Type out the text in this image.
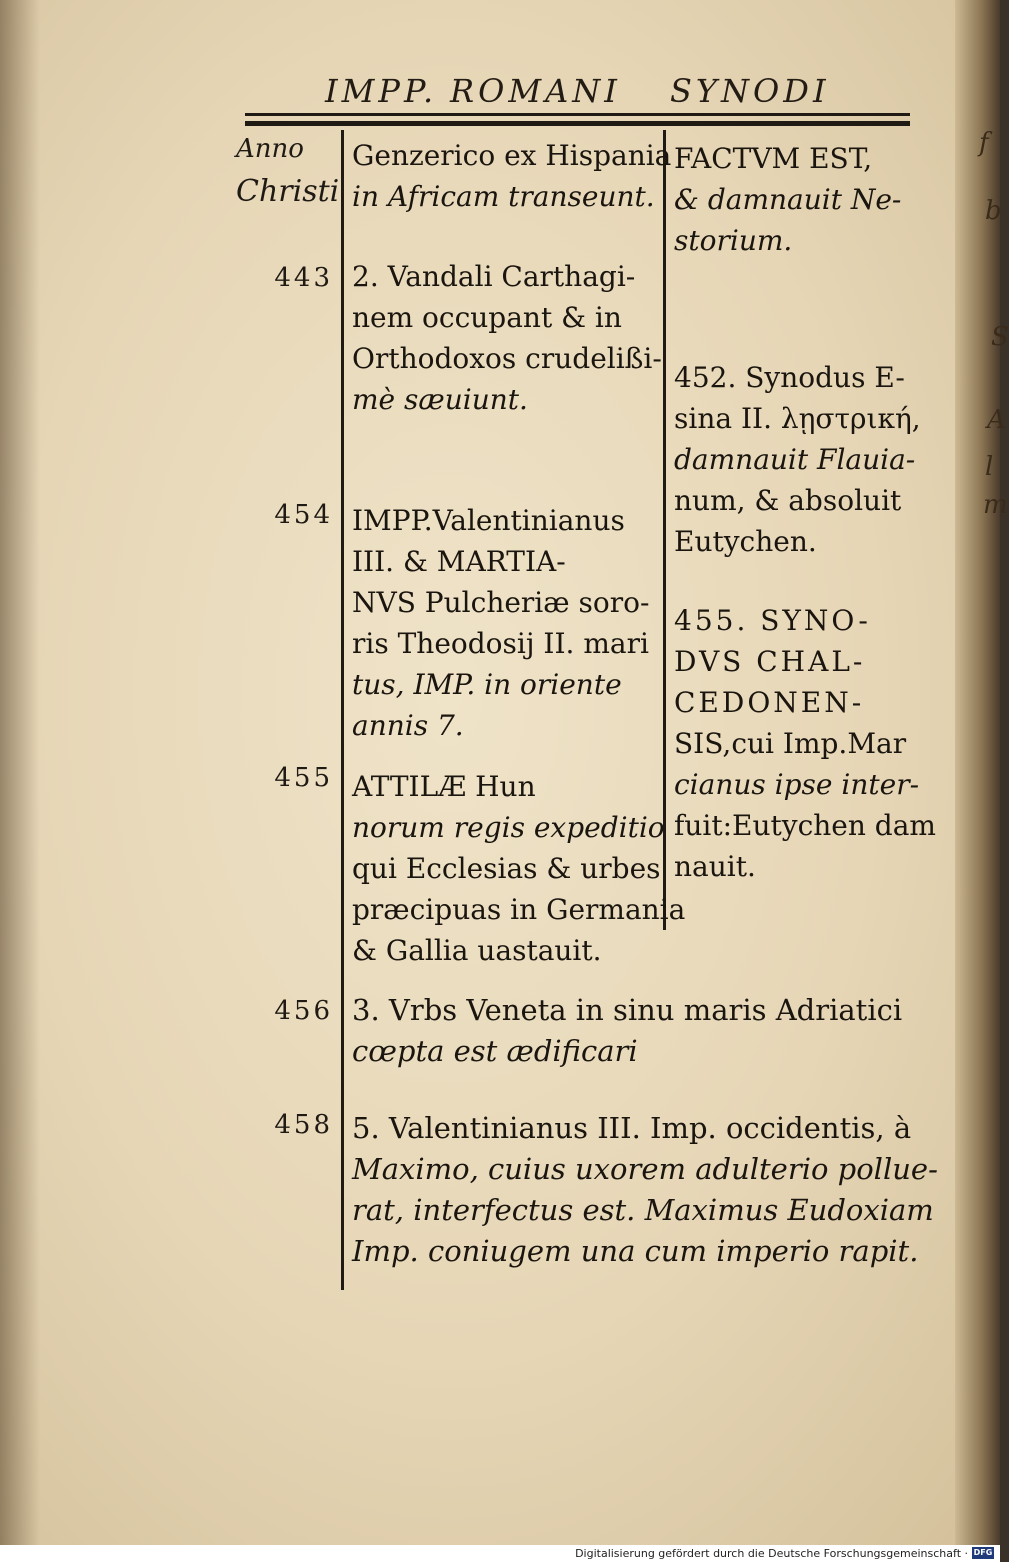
IMPP. ROMANI SYNODI
Anno
Christi
443
454
455
456
458
Genzerico ex Hispania
in Africam transeunt.
2. Vandali Carthagi-
nem occupant & in
Orthodoxos crudelißi-
mè sæuiunt.
IMPP.Valentinianus
III. & MARTIA-
NVS Pulcheriæ soro-
ris Theodosij II. mari
tus, IMP. in oriente
annis 7.
ATTILÆ Hun
norum regis expeditio
qui Ecclesias & urbes
præcipuas in Germania
& Gallia uastauit.
FACTVM EST,
& damnauit Ne-
storium.
452. Synodus E-
sina II. λῃστρική,
damnauit Flauia-
num, & absoluit
Eutychen.
455. SYNO-
DVS CHAL-
CEDONEN-
SIS,cui Imp.Mar
cianus ipse inter-
fuit:Eutychen dam
nauit.
3. Vrbs Veneta in sinu maris Adriatici
cœpta est ædificari
5. Valentinianus III. Imp. occidentis, à
Maximo, cuius uxorem adulterio pollue-
rat, interfectus est. Maximus Eudoxiam
Imp. coniugem una cum imperio rapit.
f
b
S
A
l
m
Digitalisierung gefördert durch die Deutsche Forschungsgemeinschaft · DFG
